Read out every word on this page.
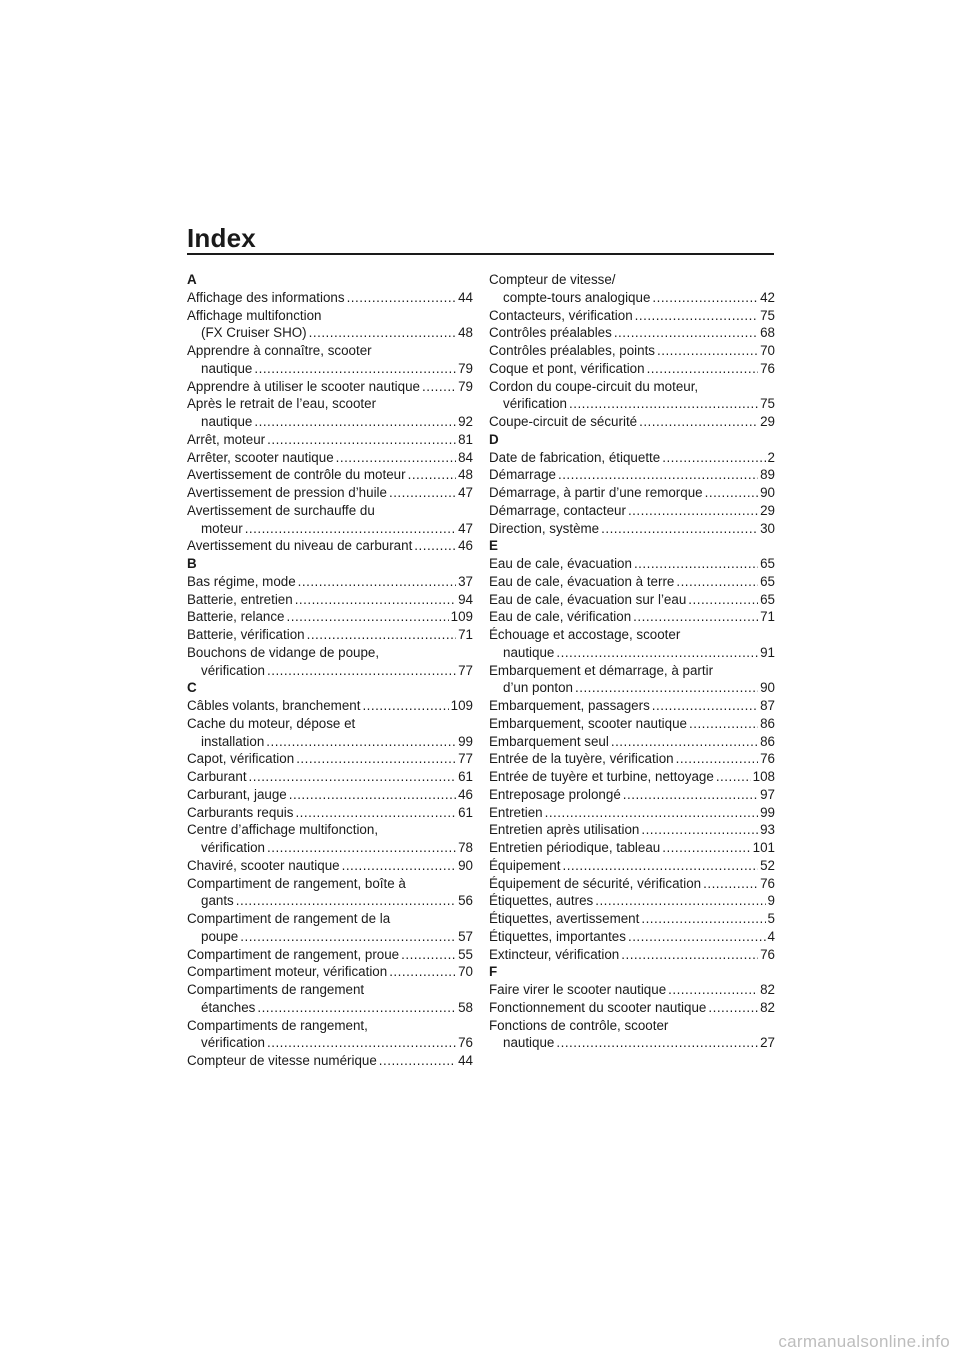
Index
A
Affichage des informations .....	44
Affichage multifonction
(FX Cruiser SHO) .....	48
Apprendre à connaître, scooter
nautique .....	79
Apprendre à utiliser le scooter nautique .....	79
Après le retrait de l’eau, scooter
nautique .....	92
Arrêt, moteur .....	81
Arrêter, scooter nautique .....	84
Avertissement de contrôle du moteur .....	48
Avertissement de pression d’huile .....	47
Avertissement de surchauffe du
moteur .....	47
Avertissement du niveau de carburant .....	46
B
Bas régime, mode .....	37
Batterie, entretien .....	94
Batterie, relance .....	109
Batterie, vérification .....	71
Bouchons de vidange de poupe,
vérification .....	77
C
Câbles volants, branchement .....	109
Cache du moteur, dépose et
installation .....	99
Capot, vérification .....	77
Carburant .....	61
Carburant, jauge .....	46
Carburants requis .....	61
Centre d’affichage multifonction,
vérification .....	78
Chaviré, scooter nautique .....	90
Compartiment de rangement, boîte à
gants .....	56
Compartiment de rangement de la
poupe .....	57
Compartiment de rangement, proue .....	55
Compartiment moteur, vérification .....	70
Compartiments de rangement
étanches .....	58
Compartiments de rangement,
vérification .....	76
Compteur de vitesse numérique .....	44
Compteur de vitesse/
compte-tours analogique .....	42
Contacteurs, vérification .....	75
Contrôles préalables .....	68
Contrôles préalables, points .....	70
Coque et pont, vérification .....	76
Cordon du coupe-circuit du moteur,
vérification .....	75
Coupe-circuit de sécurité .....	29
D
Date de fabrication, étiquette .....	2
Démarrage .....	89
Démarrage, à partir d’une remorque .....	90
Démarrage, contacteur .....	29
Direction, système .....	30
E
Eau de cale, évacuation .....	65
Eau de cale, évacuation à terre .....	65
Eau de cale, évacuation sur l’eau .....	65
Eau de cale, vérification .....	71
Échouage et accostage, scooter
nautique .....	91
Embarquement et démarrage, à partir
d’un ponton .....	90
Embarquement, passagers .....	87
Embarquement, scooter nautique .....	86
Embarquement seul .....	86
Entrée de la tuyère, vérification .....	76
Entrée de tuyère et turbine, nettoyage .....	108
Entreposage prolongé .....	97
Entretien .....	99
Entretien après utilisation .....	93
Entretien périodique, tableau .....	101
Équipement .....	52
Équipement de sécurité, vérification .....	76
Étiquettes, autres .....	9
Étiquettes, avertissement .....	5
Étiquettes, importantes .....	4
Extincteur, vérification .....	76
F
Faire virer le scooter nautique .....	82
Fonctionnement du scooter nautique .....	82
Fonctions de contrôle, scooter
nautique .....	27
carmanualsonline.info
